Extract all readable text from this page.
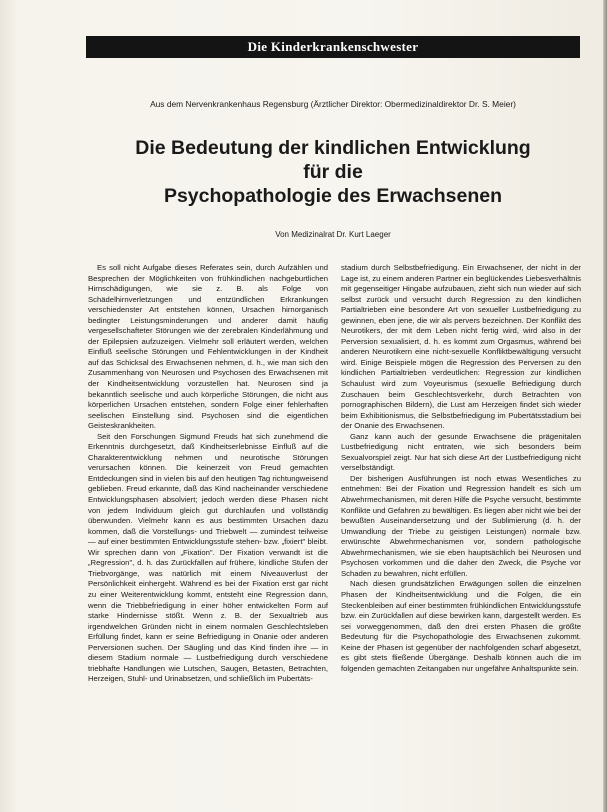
Die Kinderkrankenschwester
Aus dem Nervenkrankenhaus Regensburg (Ärztlicher Direktor: Obermedizinaldirektor Dr. S. Meier)
Die Bedeutung der kindlichen Entwicklung
für die
Psychopathologie des Erwachsenen
Von Medizinalrat Dr. Kurt Laeger

Es soll nicht Aufgabe dieses Referates sein, durch Aufzählen und Besprechen der Möglichkeiten von frühkindlichen nachgeburtlichen Hirnschädigungen, wie sie z. B. als Folge von Schädelhirnverletzungen und entzündlichen Erkrankungen verschiedenster Art entstehen können, Ursachen hirnorganisch bedingter Leistungsminderungen und anderer damit häufig vergesellschafteter Störungen wie der zerebralen Kinderlähmung und der Epilepsien aufzuzeigen. Vielmehr soll erläutert werden, welchen Einfluß seelische Störungen und Fehlentwicklungen in der Kindheit auf das Schicksal des Erwachsenen nehmen, d. h., wie man sich den Zusammenhang von Neurosen und Psychosen des Erwachsenen mit der Kindheitsentwicklung vorzustellen hat. Neurosen sind ja bekanntlich seelische und auch körperliche Störungen, die nicht aus körperlichen Ursachen entstehen, sondern Folge einer fehlerhaften seelischen Einstellung sind. Psychosen sind die eigentlichen Geisteskrankheiten.

Seit den Forschungen Sigmund Freuds hat sich zunehmend die Erkenntnis durchgesetzt, daß Kindheitserlebnisse Einfluß auf die Charakterentwicklung nehmen und neurotische Störungen verursachen können. Die keinerzeit von Freud gemachten Entdeckungen sind in vielen bis auf den heutigen Tag richtungweisend geblieben. Freud erkannte, daß das Kind nacheinander verschiedene Entwicklungsphasen absolviert; jedoch werden diese Phasen nicht von jedem Individuum gleich gut durchlaufen und vollständig überwunden. Vielmehr kann es aus bestimmten Ursachen dazu kommen, daß die Vorstellungs- und Triebwelt — zumindest teilweise — auf einer bestimmten Entwicklungsstufe stehen- bzw. „fixiert" bleibt. Wir sprechen dann von „Fixation". Der Fixation verwandt ist die „Regression", d. h. das Zurückfallen auf frühere, kindliche Stufen der Triebvorgänge, was natürlich mit einem Niveauverlust der Persönlichkeit einhergeht. Während es bei der Fixation erst gar nicht zu einer Weiterentwicklung kommt, entsteht eine Regression dann, wenn die Triebbefriedigung in einer höher entwickelten Form auf starke Hindernisse stößt. Wenn z. B. der Sexualtrieb aus irgendwelchen Gründen nicht in einem normalen Geschlechtsleben Erfüllung findet, kann er seine Befriedigung in Onanie oder anderen Perversionen suchen. Der Säugling und das Kind finden ihre — in diesem Stadium normale — Lustbefriedigung durch verschiedene triebhafte Handlungen wie Lutschen, Saugen, Betasten, Betrachten, Herzeigen, Stuhl- und Urinabsetzen, und schließlich im Pubertäts-

stadium durch Selbstbefriedigung. Ein Erwachsener, der nicht in der Lage ist, zu einem anderen Partner ein beglückendes Liebesverhältnis mit gegenseitiger Hingabe aufzubauen, zieht sich nun wieder auf sich selbst zurück und versucht durch Regression zu den kindlichen Partialtrieben eine besondere Art von sexueller Lustbefriedigung zu gewinnen, eben jene, die wir als pervers bezeichnen. Der Konflikt des Neurotikers, der mit dem Leben nicht fertig wird, wird also in der Perversion sexualisiert, d. h. es kommt zum Orgasmus, während bei anderen Neurotikern eine nicht-sexuelle Konfliktbewältigung versucht wird. Einige Beispiele mögen die Regression des Perversen zu den kindlichen Partialtrieben verdeutlichen: Regression zur kindlichen Schaulust wird zum Voyeurismus (sexuelle Befriedigung durch Zuschauen beim Geschlechtsverkehr, durch Betrachten von pornographischen Bildern), die Lust am Herzeigen findet sich wieder beim Exhibitionismus, die Selbstbefriedigung im Pubertätsstadium bei der Onanie des Erwachsenen.

Ganz kann auch der gesunde Erwachsene die prägenitalen Lustbefriedigung nicht entraten, wie sich besonders beim Sexualvorspiel zeigt. Nur hat sich diese Art der Lustbefriedigung nicht verselbständigt.

Der bisherigen Ausführungen ist noch etwas Wesentliches zu entnehmen: Bei der Fixation und Regression handelt es sich um Abwehrmechanismen, mit deren Hilfe die Psyche versucht, bestimmte Konflikte und Gefahren zu bewältigen. Es liegen aber nicht wie bei der bewußten Auseinandersetzung und der Sublimierung (d. h. der Umwandlung der Triebe zu geistigen Leistungen) normale bzw. erwünschte Abwehrmechanismen vor, sondern pathologische Abwehrmechanismen, wie sie eben hauptsächlich bei Neurosen und Psychosen vorkommen und die daher den Zweck, die Psyche vor Schaden zu bewahren, nicht erfüllen.

Nach diesen grundsätzlichen Erwägungen sollen die einzelnen Phasen der Kindheitsentwicklung und die Folgen, die ein Steckenbleiben auf einer bestimmten frühkindlichen Entwicklungsstufe bzw. ein Zurückfallen auf diese bewirken kann, dargestellt werden. Es sei vorweggenommen, daß den drei ersten Phasen die größte Bedeutung für die Psychopathologie des Erwachsenen zukommt. Keine der Phasen ist gegenüber der nachfolgenden scharf abgesetzt, es gibt stets fließende Übergänge. Deshalb können auch die im folgenden gemachten Zeitangaben nur ungefähre Anhaltspunkte sein.
